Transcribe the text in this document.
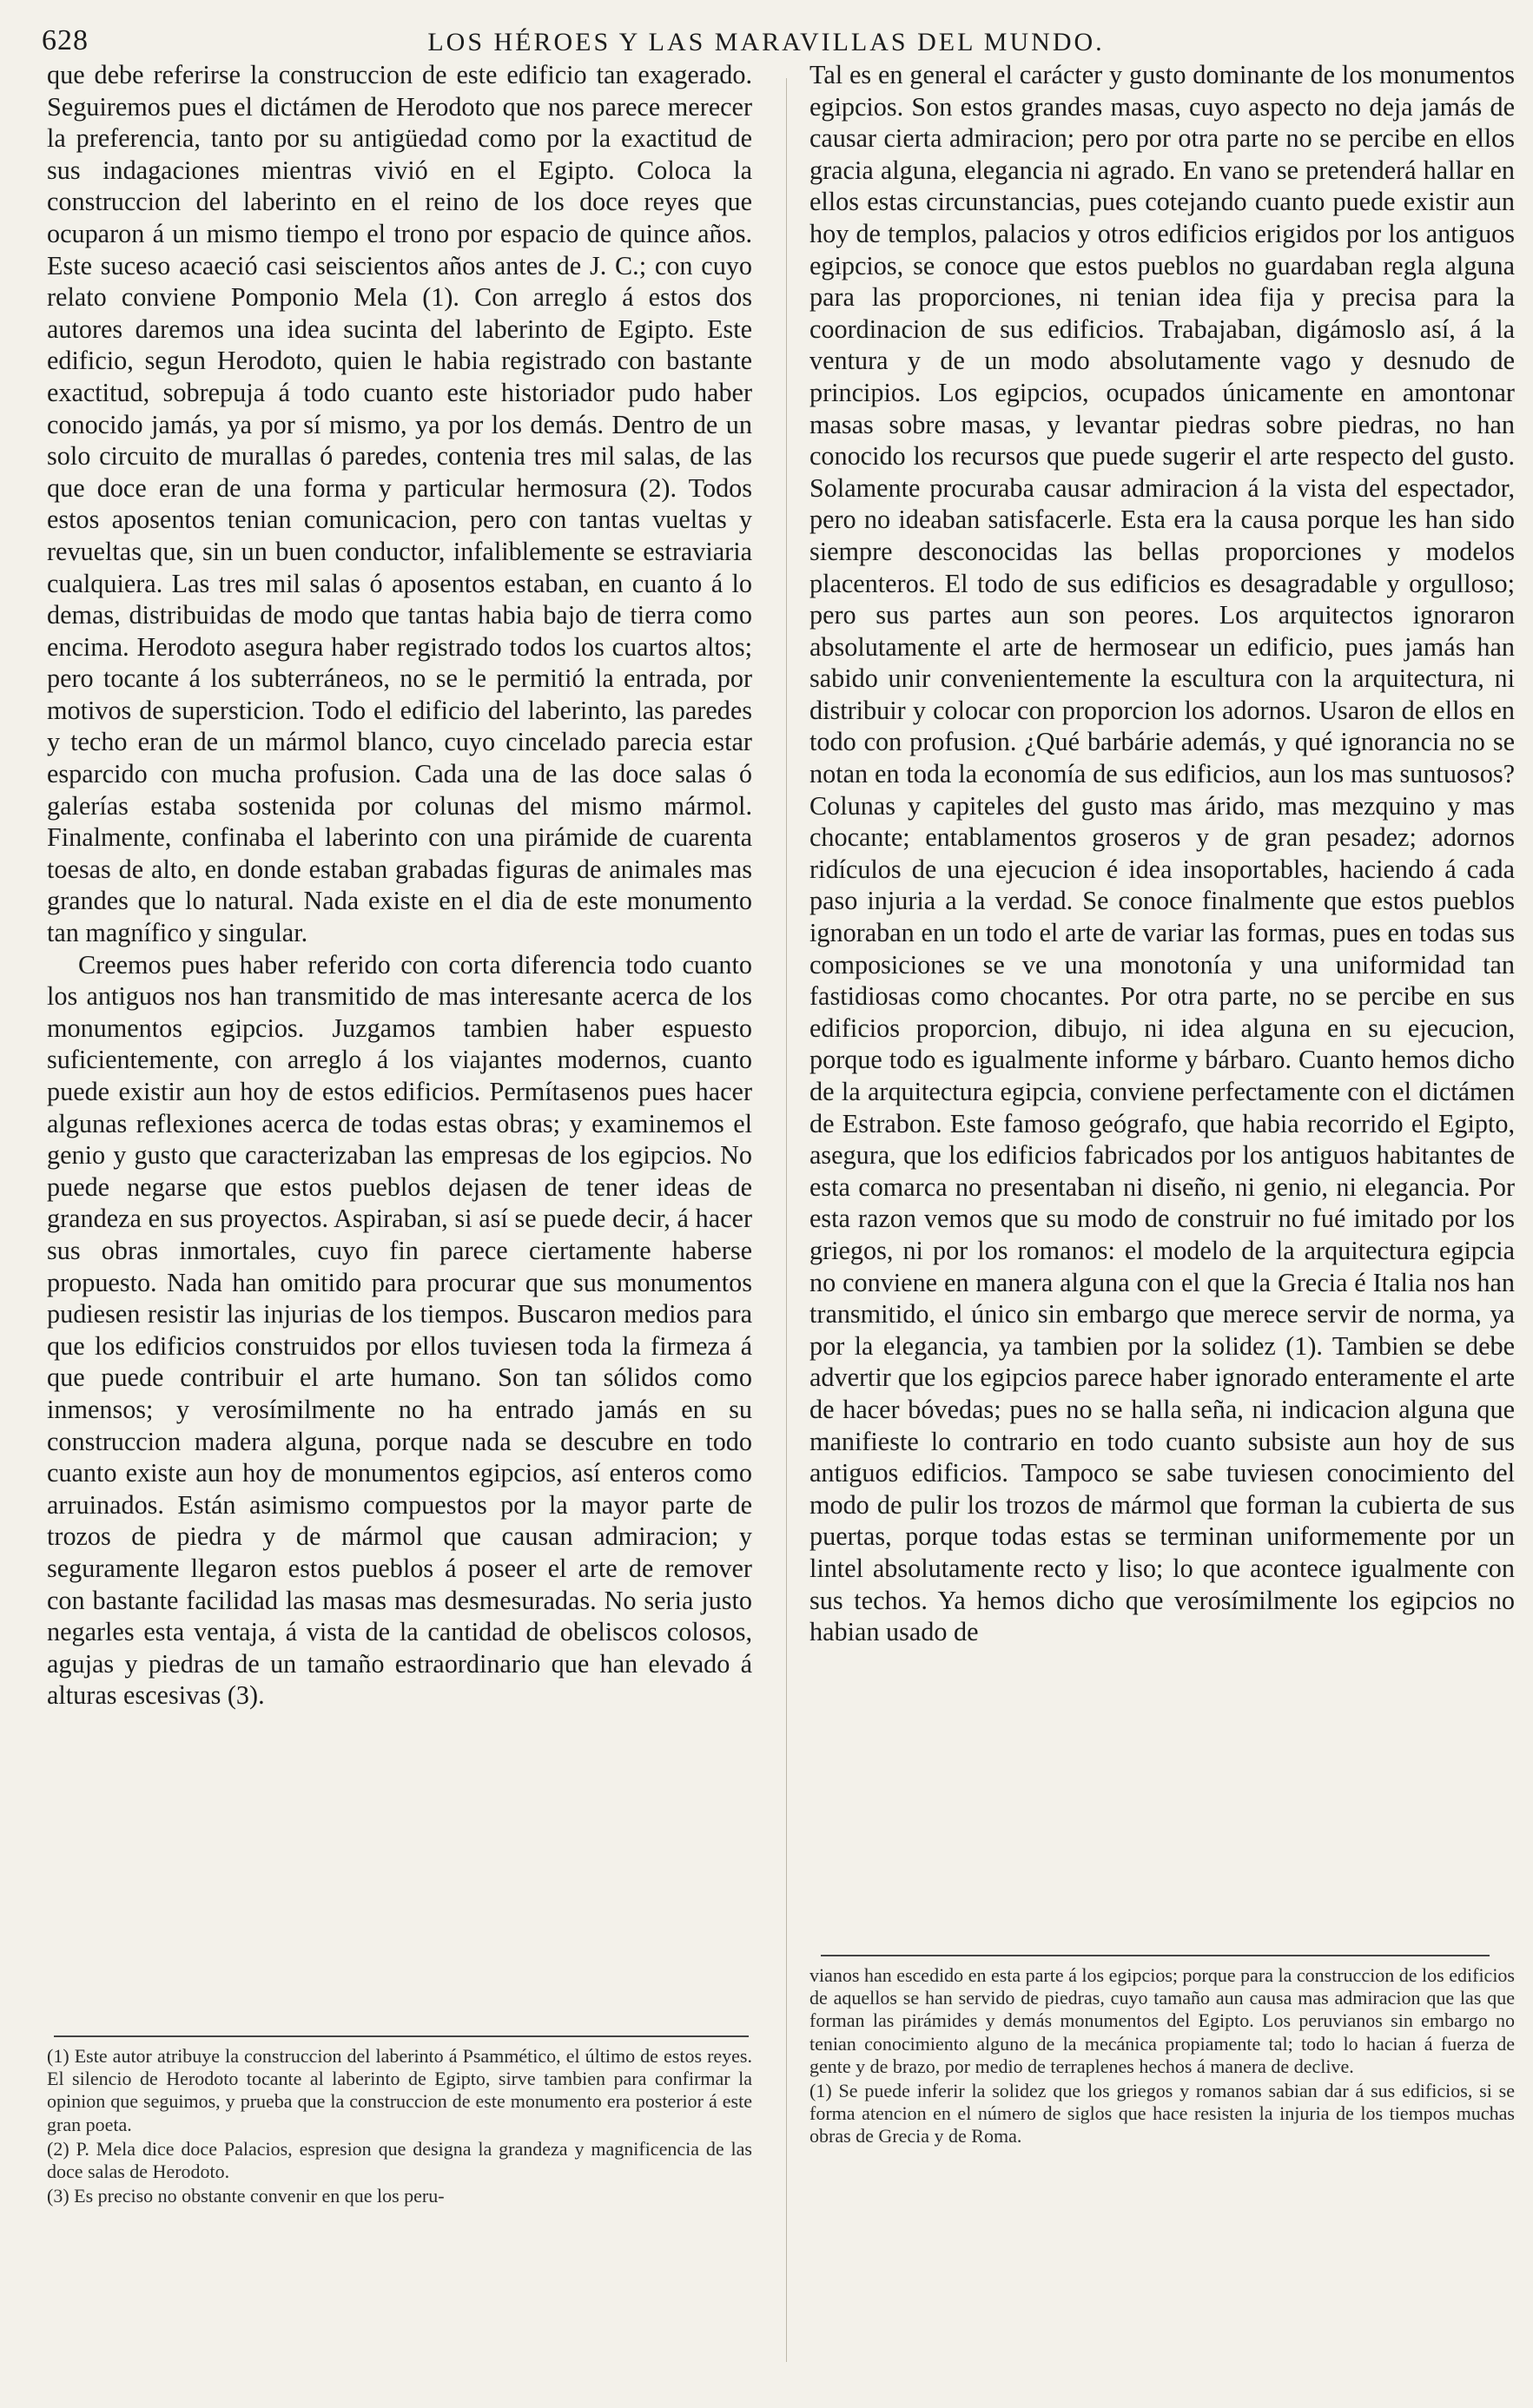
628	LOS HÉROES Y LAS MARAVILLAS DEL MUNDO.

que debe referirse la construccion de este edificio tan exagerado. Seguiremos pues el dictámen de Herodoto que nos parece merecer la preferencia, tanto por su antigüedad como por la exactitud de sus indagaciones mientras vivió en el Egipto. Coloca la construccion del laberinto en el reino de los doce reyes que ocuparon á un mismo tiempo el trono por espacio de quince años. Este suceso acaeció casi seiscientos años antes de J. C.; con cuyo relato conviene Pomponio Mela (1). Con arreglo á estos dos autores daremos una idea sucinta del laberinto de Egipto. Este edificio, segun Herodoto, quien le habia registrado con bastante exactitud, sobrepuja á todo cuanto este historiador pudo haber conocido jamás, ya por sí mismo, ya por los demás. Dentro de un solo circuito de murallas ó paredes, contenia tres mil salas, de las que doce eran de una forma y particular hermosura (2). Todos estos aposentos tenian comunicacion, pero con tantas vueltas y revueltas que, sin un buen conductor, infaliblemente se estraviaria cualquiera. Las tres mil salas ó aposentos estaban, en cuanto á lo demas, distribuidas de modo que tantas habia bajo de tierra como encima. Herodoto asegura haber registrado todos los cuartos altos; pero tocante á los subterráneos, no se le permitió la entrada, por motivos de supersticion. Todo el edificio del laberinto, las paredes y techo eran de un mármol blanco, cuyo cincelado parecia estar esparcido con mucha profusion. Cada una de las doce salas ó galerías estaba sostenida por colunas del mismo mármol. Finalmente, confinaba el laberinto con una pirámide de cuarenta toesas de alto, en donde estaban grabadas figuras de animales mas grandes que lo natural. Nada existe en el dia de este monumento tan magnífico y singular.

Creemos pues haber referido con corta diferencia todo cuanto los antiguos nos han transmitido de mas interesante acerca de los monumentos egipcios. Juzgamos tambien haber espuesto suficientemente, con arreglo á los viajantes modernos, cuanto puede existir aun hoy de estos edificios. Permítasenos pues hacer algunas reflexiones acerca de todas estas obras; y examinemos el genio y gusto que caracterizaban las empresas de los egipcios. No puede negarse que estos pueblos dejasen de tener ideas de grandeza en sus proyectos. Aspiraban, si así se puede decir, á hacer sus obras inmortales, cuyo fin parece ciertamente haberse propuesto. Nada han omitido para procurar que sus monumentos pudiesen resistir las injurias de los tiempos. Buscaron medios para que los edificios construidos por ellos tuviesen toda la firmeza á que puede contribuir el arte humano. Son tan sólidos como inmensos; y verosímilmente no ha entrado jamás en su construccion madera alguna, porque nada se descubre en todo cuanto existe aun hoy de monumentos egipcios, así enteros como arruinados. Están asimismo compuestos por la mayor parte de trozos de piedra y de mármol que causan admiracion; y seguramente llegaron estos pueblos á poseer el arte de remover con bastante facilidad las masas mas desmesuradas. No seria justo negarles esta ventaja, á vista de la cantidad de obeliscos colosos, agujas y piedras de un tamaño estraordinario que han elevado á alturas escesivas (3).

Tal es en general el carácter y gusto dominante de los monumentos egipcios. Son estos grandes masas, cuyo aspecto no deja jamás de causar cierta admiracion; pero por otra parte no se percibe en ellos gracia alguna, elegancia ni agrado. En vano se pretenderá hallar en ellos estas circunstancias, pues cotejando cuanto puede existir aun hoy de templos, palacios y otros edificios erigidos por los antiguos egipcios, se conoce que estos pueblos no guardaban regla alguna para las proporciones, ni tenian idea fija y precisa para la coordinacion de sus edificios. Trabajaban, digámoslo así, á la ventura y de un modo absolutamente vago y desnudo de principios. Los egipcios, ocupados únicamente en amontonar masas sobre masas, y levantar piedras sobre piedras, no han conocido los recursos que puede sugerir el arte respecto del gusto. Solamente procuraba causar admiracion á la vista del espectador, pero no ideaban satisfacerle. Esta era la causa porque les han sido siempre desconocidas las bellas proporciones y modelos placenteros. El todo de sus edificios es desagradable y orgulloso; pero sus partes aun son peores. Los arquitectos ignoraron absolutamente el arte de hermosear un edificio, pues jamás han sabido unir convenientemente la escultura con la arquitectura, ni distribuir y colocar con proporcion los adornos. Usaron de ellos en todo con profusion. ¿Qué barbárie además, y qué ignorancia no se notan en toda la economía de sus edificios, aun los mas suntuosos? Colunas y capiteles del gusto mas árido, mas mezquino y mas chocante; entablamentos groseros y de gran pesadez; adornos ridículos de una ejecucion é idea insoportables, haciendo á cada paso injuria a la verdad. Se conoce finalmente que estos pueblos ignoraban en un todo el arte de variar las formas, pues en todas sus composiciones se ve una monotonía y una uniformidad tan fastidiosas como chocantes. Por otra parte, no se percibe en sus edificios proporcion, dibujo, ni idea alguna en su ejecucion, porque todo es igualmente informe y bárbaro. Cuanto hemos dicho de la arquitectura egipcia, conviene perfectamente con el dictámen de Estrabon. Este famoso geógrafo, que habia recorrido el Egipto, asegura, que los edificios fabricados por los antiguos habitantes de esta comarca no presentaban ni diseño, ni genio, ni elegancia. Por esta razon vemos que su modo de construir no fué imitado por los griegos, ni por los romanos: el modelo de la arquitectura egipcia no conviene en manera alguna con el que la Grecia é Italia nos han transmitido, el único sin embargo que merece servir de norma, ya por la elegancia, ya tambien por la solidez (1). Tambien se debe advertir que los egipcios parece haber ignorado enteramente el arte de hacer bóvedas; pues no se halla seña, ni indicacion alguna que manifieste lo contrario en todo cuanto subsiste aun hoy de sus antiguos edificios. Tampoco se sabe tuviesen conocimiento del modo de pulir los trozos de mármol que forman la cubierta de sus puertas, porque todas estas se terminan uniformemente por un lintel absolutamente recto y liso; lo que acontece igualmente con sus techos. Ya hemos dicho que verosímilmente los egipcios no habian usado de

(1) Este autor atribuye la construccion del laberinto á Psammético, el último de estos reyes. El silencio de Herodoto tocante al laberinto de Egipto, sirve tambien para confirmar la opinion que seguimos, y prueba que la construccion de este monumento era posterior á este gran poeta.

(2) P. Mela dice doce Palacios, espresion que designa la grandeza y magnificencia de las doce salas de Herodoto.

(3) Es preciso no obstante convenir en que los peru-

vianos han escedido en esta parte á los egipcios; porque para la construccion de los edificios de aquellos se han servido de piedras, cuyo tamaño aun causa mas admiracion que las que forman las pirámides y demás monumentos del Egipto. Los peruvianos sin embargo no tenian conocimiento alguno de la mecánica propiamente tal; todo lo hacian á fuerza de gente y de brazo, por medio de terraplenes hechos á manera de declive.

(1) Se puede inferir la solidez que los griegos y romanos sabian dar á sus edificios, si se forma atencion en el número de siglos que hace resisten la injuria de los tiempos muchas obras de Grecia y de Roma.
